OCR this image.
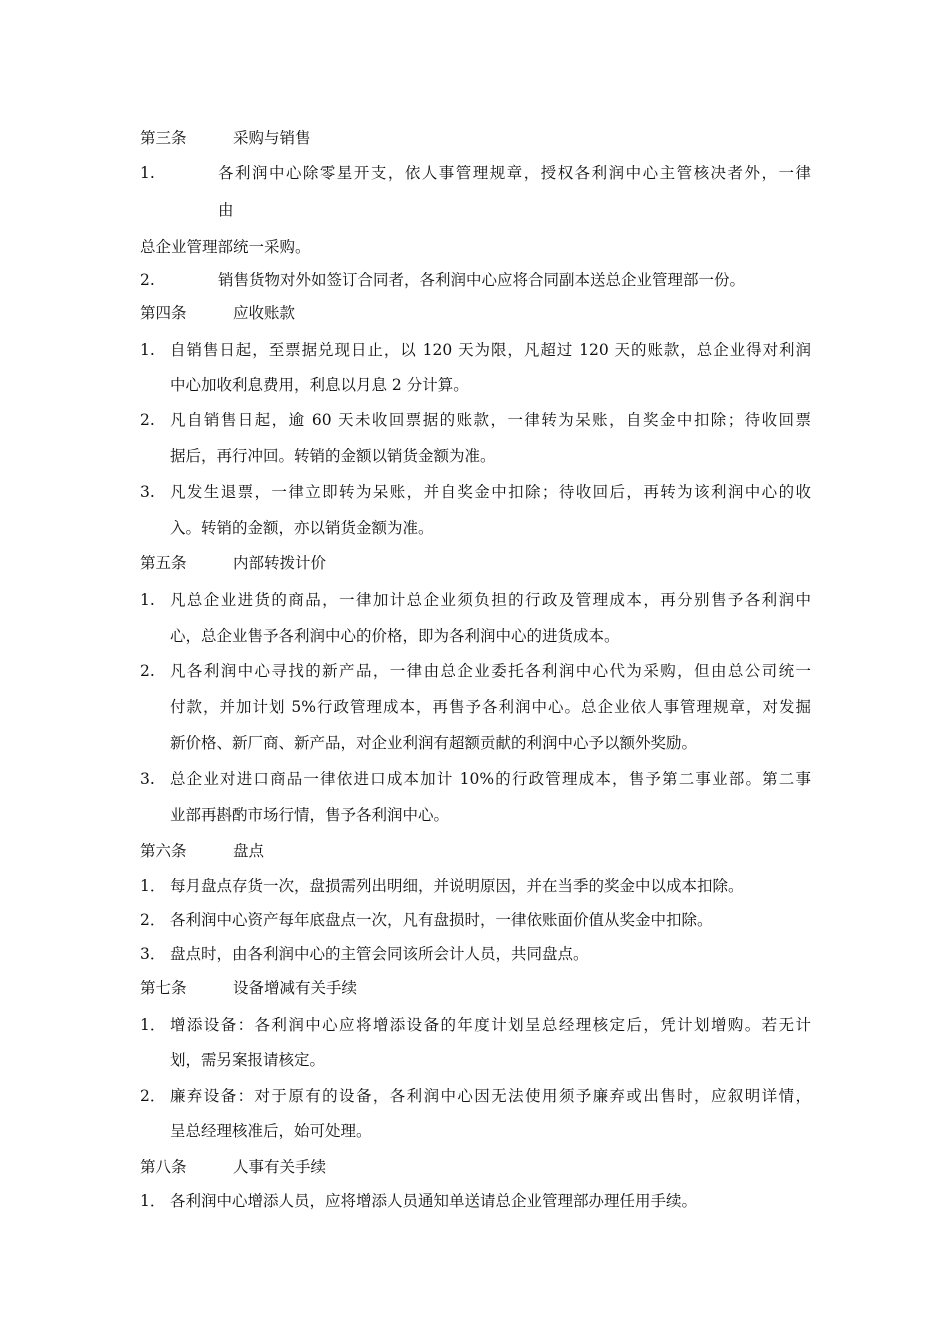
第三条	采购与销售
1.	各利润中心除零星开支，依人事管理规章，授权各利润中心主管核决者外，一律
由
总企业管理部统一采购。
2.	销售货物对外如签订合同者，各利润中心应将合同副本送总企业管理部一份。
第四条	应收账款
1. 自销售日起，至票据兑现日止，以 120 天为限，凡超过 120 天的账款，总企业得对利润
中心加收利息费用，利息以月息 2 分计算。
2. 凡自销售日起，逾 60 天未收回票据的账款，一律转为呆账，自奖金中扣除；待收回票
据后，再行冲回。转销的金额以销货金额为准。
3. 凡发生退票，一律立即转为呆账，并自奖金中扣除；待收回后，再转为该利润中心的收
入。转销的金额，亦以销货金额为准。
第五条	内部转拨计价
1. 凡总企业进货的商品，一律加计总企业须负担的行政及管理成本，再分别售予各利润中
心，总企业售予各利润中心的价格，即为各利润中心的进货成本。
2. 凡各利润中心寻找的新产品，一律由总企业委托各利润中心代为采购，但由总公司统一
付款，并加计划 5%行政管理成本，再售予各利润中心。总企业依人事管理规章，对发掘
新价格、新厂商、新产品，对企业利润有超额贡献的利润中心予以额外奖励。
3. 总企业对进口商品一律依进口成本加计 10%的行政管理成本，售予第二事业部。第二事
业部再斟酌市场行情，售予各利润中心。
第六条	盘点
1． 每月盘点存货一次，盘损需列出明细，并说明原因，并在当季的奖金中以成本扣除。
2． 各利润中心资产每年底盘点一次，凡有盘损时，一律依账面价值从奖金中扣除。
3． 盘点时，由各利润中心的主管会同该所会计人员，共同盘点。
第七条	设备增减有关手续
1． 增添设备：各利润中心应将增添设备的年度计划呈总经理核定后，凭计划增购。若无计
划，需另案报请核定。
2． 廉弃设备：对于原有的设备，各利润中心因无法使用须予廉弃或出售时，应叙明详情，
呈总经理核准后，始可处理。
第八条	人事有关手续
1． 各利润中心增添人员，应将增添人员通知单送请总企业管理部办理任用手续。
